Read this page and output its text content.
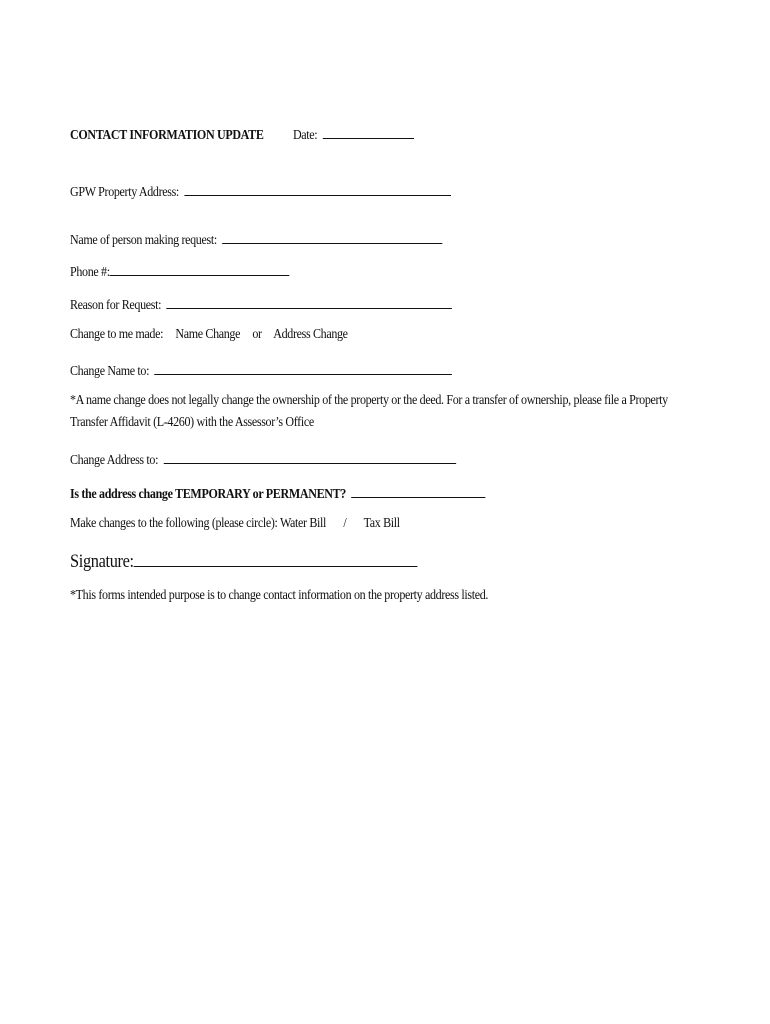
CONTACT INFORMATION UPDATE Date:
GPW Property Address:
Name of person making request:
Phone #:
Reason for Request:
Change to me made: Name Change or Address Change
Change Name to:
*A name change does not legally change the ownership of the property or the deed. For a transfer of ownership, please file a Property Transfer Affidavit (L-4260) with the Assessor’s Office
Change Address to:
Is the address change TEMPORARY or PERMANENT?
Make changes to the following (please circle): Water Bill / Tax Bill
Signature:
*This forms intended purpose is to change contact information on the property address listed.
